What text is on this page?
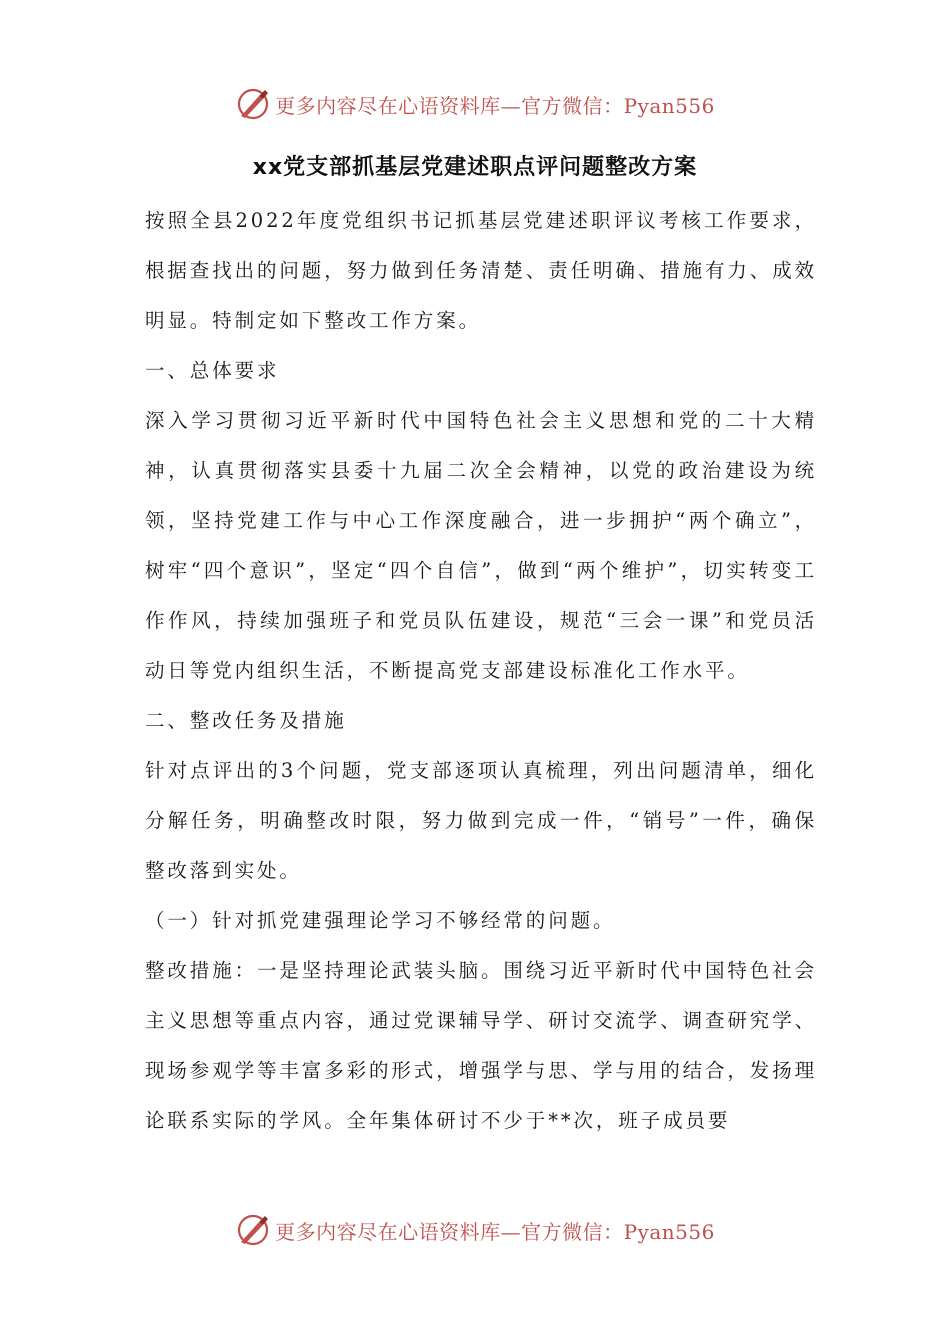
更多内容尽在心语资料库—官方微信：Pyan556
xx党支部抓基层党建述职点评问题整改方案

按照全县2022年度党组织书记抓基层党建述职评议考核工作要求，根据查找出的问题，努力做到任务清楚、责任明确、措施有力、成效明显。特制定如下整改工作方案。

一、总体要求

深入学习贯彻习近平新时代中国特色社会主义思想和党的二十大精神，认真贯彻落实县委十九届二次全会精神，以党的政治建设为统领，坚持党建工作与中心工作深度融合，进一步拥护“两个确立”，树牢“四个意识”，坚定“四个自信”，做到“两个维护”，切实转变工作作风，持续加强班子和党员队伍建设，规范“三会一课”和党员活动日等党内组织生活，不断提高党支部建设标准化工作水平。

二、整改任务及措施

针对点评出的3个问题，党支部逐项认真梳理，列出问题清单，细化分解任务，明确整改时限，努力做到完成一件，“销号”一件，确保整改落到实处。

（一）针对抓党建强理论学习不够经常的问题。

整改措施：一是坚持理论武装头脑。围绕习近平新时代中国特色社会主义思想等重点内容，通过党课辅导学、研讨交流学、调查研究学、现场参观学等丰富多彩的形式，增强学与思、学与用的结合，发扬理论联系实际的学风。全年集体研讨不少于**次，班子成员要

更多内容尽在心语资料库—官方微信：Pyan556
